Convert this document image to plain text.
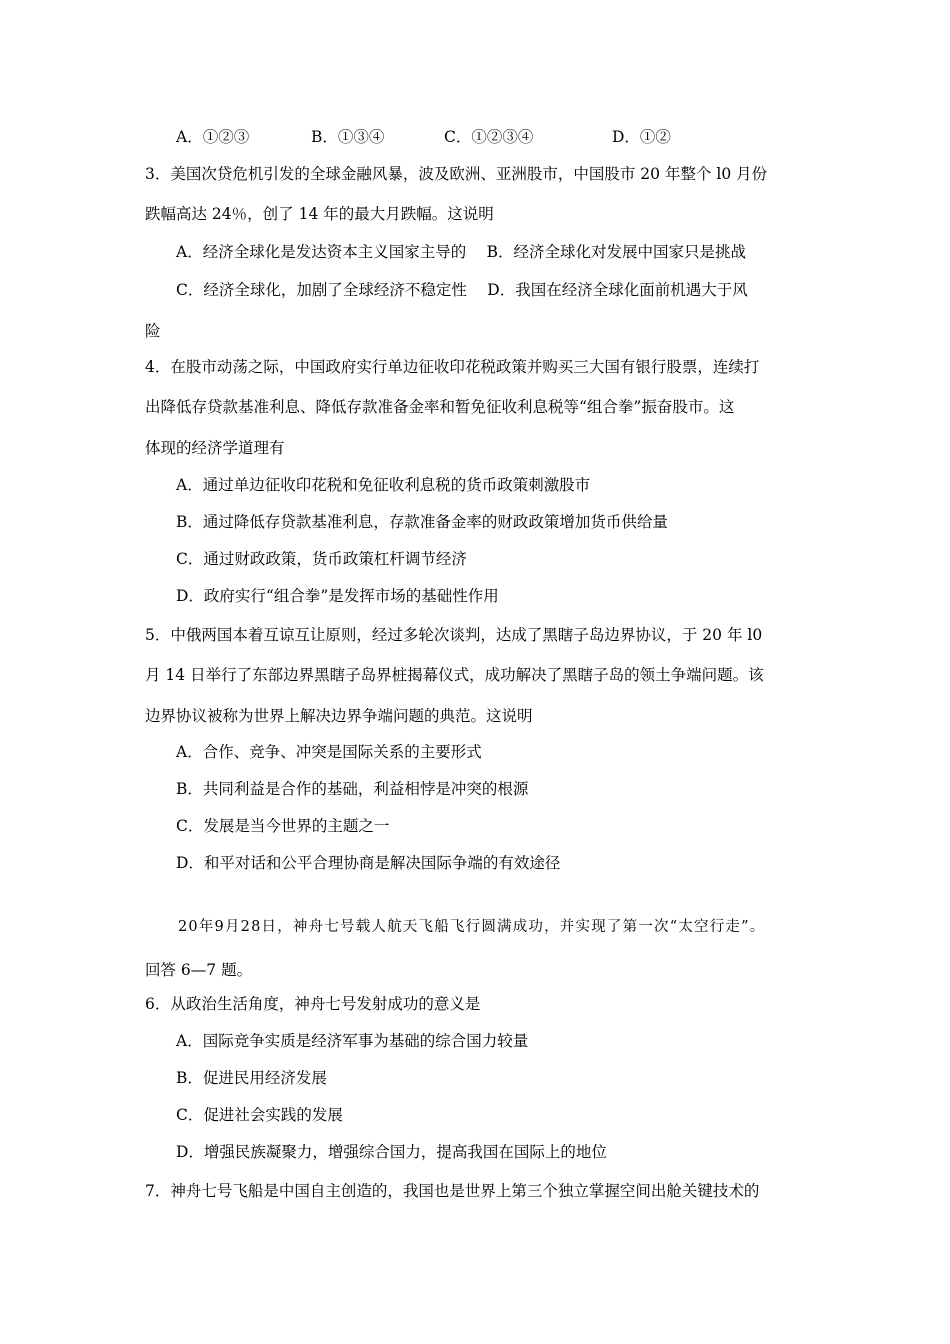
A．①②③	B．①③④	C．①②③④	D．①②
3．美国次贷危机引发的全球金融风暴，波及欧洲、亚洲股市，中国股市 20 年整个 l0 月份
跌幅高达 24％，创了 14 年的最大月跌幅。这说明
A．经济全球化是发达资本主义国家主导的　 B．经济全球化对发展中国家只是挑战
C．经济全球化，加剧了全球经济不稳定性　 D．我国在经济全球化面前机遇大于风
险
4．在股市动荡之际，中国政府实行单边征收印花税政策并购买三大国有银行股票，连续打
出降低存贷款基准利息、降低存款准备金率和暂免征收利息税等“组合拳”振奋股市。这
体现的经济学道理有
A．通过单边征收印花税和免征收利息税的货币政策刺激股市
B．通过降低存贷款基准利息，存款准备金率的财政政策增加货币供给量
C．通过财政政策，货币政策杠杆调节经济
D．政府实行“组合拳”是发挥市场的基础性作用
5．中俄两国本着互谅互让原则，经过多轮次谈判，达成了黑瞎子岛边界协议，于 20 年 l0
月 14 日举行了东部边界黑瞎子岛界桩揭幕仪式，成功解决了黑瞎子岛的领土争端问题。该
边界协议被称为世界上解决边界争端问题的典范。这说明
A．合作、竞争、冲突是国际关系的主要形式
B．共同利益是合作的基础，利益相悖是冲突的根源
C．发展是当今世界的主题之一
D．和平对话和公平合理协商是解决国际争端的有效途径
20年9月28日，神舟七号载人航天飞船飞行圆满成功，并实现了第一次“太空行走”。
回答 6—7 题。
6．从政治生活角度，神舟七号发射成功的意义是
A．国际竞争实质是经济军事为基础的综合国力较量
B．促进民用经济发展
C．促进社会实践的发展
D．增强民族凝聚力，增强综合国力，提高我国在国际上的地位
7．神舟七号飞船是中国自主创造的，我国也是世界上第三个独立掌握空间出舱关键技术的
